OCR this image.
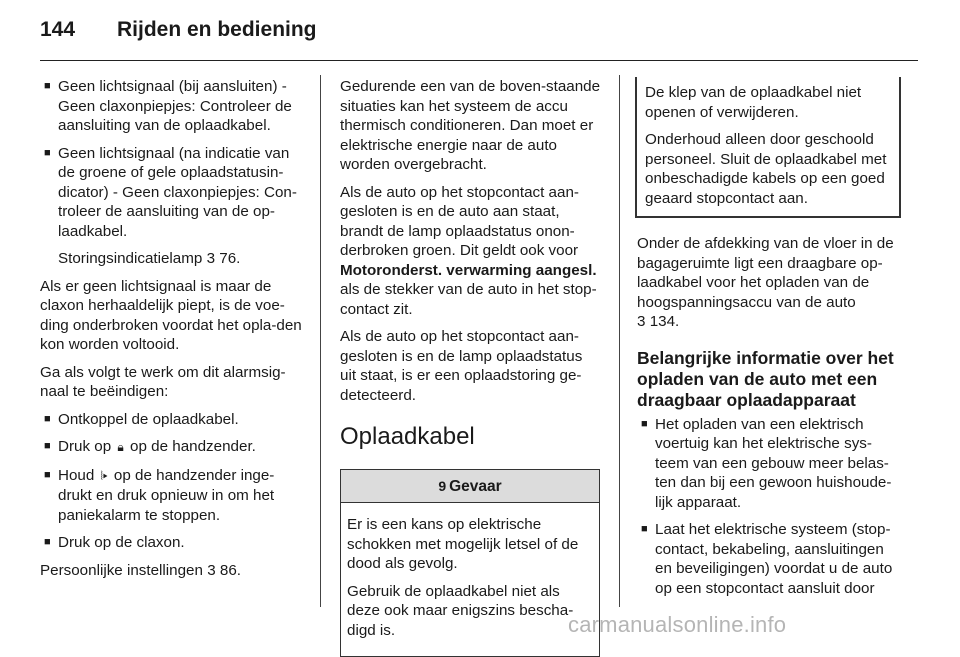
144 Rijden en bediening
■ Geen lichtsignaal (bij aansluiten) - Geen claxonpiepjes: Controleer de aansluiting van de oplaadkabel.
■ Geen lichtsignaal (na indicatie van de groene of gele oplaadstatusin-dicator) - Geen claxonpiepjes: Con-troleer de aansluiting van de op-laadkabel.

Storingsindicatielamp 3 76.

Als er geen lichtsignaal is maar de claxon herhaaldelijk piept, is de voe-ding onderbroken voordat het opla-den kon worden voltooid.

Ga als volgt te werk om dit alarmsig-naal te beëindigen:

■ Ontkoppel de oplaadkabel.
■ Druk op 🔒︎ op de handzender.
■ Houd ⦚▸ op de handzender inge-drukt en druk opnieuw in om het paniekalarm te stoppen.
■ Druk op de claxon.

Persoonlijke instellingen 3 86.

Gedurende een van de boven-staande situaties kan het systeem de accu thermisch conditioneren. Dan moet er elektrische energie naar de auto worden overgebracht.

Als de auto op het stopcontact aan-gesloten is en de auto aan staat, brandt de lamp oplaadstatus onon-derbroken groen. Dit geldt ook voor Motoronderst. verwarming aangesl. als de stekker van de auto in het stop-contact zit.

Als de auto op het stopcontact aan-gesloten is en de lamp oplaadstatus uit staat, is er een oplaadstoring ge-detecteerd.

Oplaadkabel
9 Gevaar

Er is een kans op elektrische schokken met mogelijk letsel of de dood als gevolg.

Gebruik de oplaadkabel niet als deze ook maar enigszins bescha-digd is.

De klep van de oplaadkabel niet openen of verwijderen.

Onderhoud alleen door geschoold personeel. Sluit de oplaadkabel met onbeschadigde kabels op een goed geaard stopcontact aan.

Onder de afdekking van de vloer in de bagageruimte ligt een draagbare op-laadkabel voor het opladen van de hoogspanningsaccu van de auto
3 134.

Belangrijke informatie over het opladen van de auto met een draagbaar oplaadapparaat
■ Het opladen van een elektrisch voertuig kan het elektrische sys-teem van een gebouw meer belas-ten dan bij een gewoon huishoude-lijk apparaat.
■ Laat het elektrische systeem (stop-contact, bekabeling, aansluitingen en beveiligingen) voordat u de auto op een stopcontact aansluit door
carmanualsonline.info
